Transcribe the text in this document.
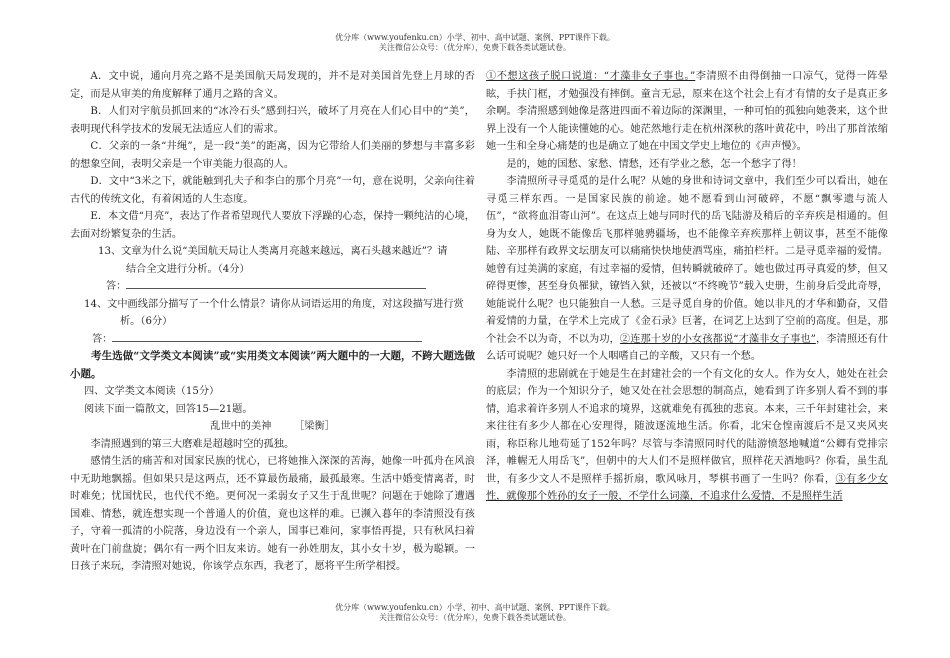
优分库（www.youfenku.cn）小学、初中、高中试题、案例、PPT课件下载。
关注微信公众号：（优分库），免费下载各类试题试卷。

A．文中说，通向月亮之路不是美国航天局发现的，并不是对美国首先登上月球的否定，而是从审美的角度解释了通月之路的含义。

B．人们对宇航员抓回来的“冰冷石头”感到扫兴，破坏了月亮在人们心目中的“美”，表明现代科学技术的发展无法适应人们的需求。

C．父亲的一条“井绳”，是一段“美”的距离，因为它带给人们美丽的梦想与丰富多彩的想象空间，表明父亲是一个审美能力很高的人。

D．文中“3米之下，就能触到孔夫子和李白的那个月亮”一句，意在说明，父亲向往着古代的传统文化，有着闲适的人生态度。

E．本文借“月亮”，表达了作者希望现代人要放下浮躁的心态，保持一颗纯洁的心境，去面对纷繁复杂的生活。

13、文章为什么说“美国航天局让人类离月亮越来越远，离石头越来越近”？请

结合全文进行分析。（4分）

答：

14、文中画线部分描写了一个什么情景？请你从词语运用的角度，对这段描写进行赏

析。（6分）

答：

考生选做“文学类文本阅读”或“实用类文本阅读”两大题中的一大题，不跨大题选做小题。

四、文学类文本阅读（15分）

阅读下面一篇散文，回答15—21题。

乱世中的美神 ［梁衡］

李清照遇到的第三大磨难是超越时空的孤独。

感情生活的痛苦和对国家民族的忧心，已将她推入深深的苦海，她像一叶孤舟在风浪中无助地飘摇。但如果只是这两点，还不算最伤最痛，最孤最寒。生活中婚变情离者，时时难免；忧国忧民，也代代不绝。更何况一柔弱女子又生于乱世呢？问题在于她除了遭遇国难、情愁，就连想实现一个普通人的价值，竟也这样的难。已濒入暮年的李清照没有孩子，守着一孤清的小院落，身边没有一个亲人，国事已难问，家事悟再提，只有秋风扫着黄叶在门前盘旋；偶尔有一两个旧友来访。她有一孙姓朋友，其小女十岁，极为聪颖。一日孩子来玩，李清照对她说，你该学点东西，我老了，愿将平生所学相授。

①不想这孩子脱口说道：“才藻非女子事也。”李清照不由得倒抽一口凉气，觉得一阵晕眩，手扶门框，才勉强没有摔倒。童言无忌，原来在这个社会上有才有情的女子是真正多余啊。李清照感到她像是落进四面不着边际的深渊里，一种可怕的孤独向她袭来，这个世界上没有一个人能读懂她的心。她茫然地行走在杭州深秋的落叶黄花中，吟出了那首浓缩她一生和全身心痛楚的也是确立了她在中国文学史上地位的《声声慢》。

是的，她的国愁、家愁、情愁，还有学业之愁，怎一个愁字了得！

李清照所寻寻觅觅的是什么呢？从她的身世和诗词文章中，我们至少可以看出，她在寻觅三样东西。一是国家民族的前途。她不愿看到山河破碎，不愿“飘零遗与流人伍”，“欲将血泪寄山河”。在这点上她与同时代的岳飞陆游及稍后的辛弃疾是相通的。但身为女人，她既不能像岳飞那样驰骋疆场，也不能像辛弃疾那样上朝议事，甚至不能像陆、辛那样有政界文坛朋友可以痛痛快快地使酒骂座，痛拍栏杆。二是寻觅幸福的爱情。她曾有过美满的家庭，有过幸福的爱情，但转瞬就破碎了。她也做过再寻真爱的梦，但又碎得更惨，甚至身负罹狱，镣铛入狱，还被以“不终晚节”载入史册，生前身后受此奇辱，她能说什么呢？也只能独自一人愁。三是寻觅自身的价值。她以非凡的才华和勤奋，又借着爱情的力量，在学术上完成了《金石录》巨著，在词艺上达到了空前的高度。但是，那个社会不以为奇，不以为功，②连那十岁的小女孩都说“才藻非女子事也”，李清照还有什么话可说呢？她只好一个人咽嗜自己的辛酸，又只有一个愁。

李清照的悲剧就在于她是生在封建社会的一个有文化的女人。作为女人，她处在社会的底层；作为一个知识分子，她又处在社会思想的制高点，她看到了许多别人看不到的事情，追求着许多别人不追求的境界，这就难免有孤独的悲哀。本来，三千年封建社会，来来往往有多少人都在心安理得，随波逐流地生活。你看，北宋仓惶南渡后不是又夹风夹雨，称臣称儿地苟延了152年吗？尽管与李清照同时代的陆游愤怒地喊道“公卿有党排宗泽，帷幄无人用岳飞”，但朝中的大人们不是照样做官，照样花天酒地吗？你看，虽生乱世，有多少文人不是照样手摇折扇，歌风咏月，琴棋书画了一生吗？你看，③有多少女性，就像那个姓孙的女子一般，不学什么词藻，不追求什么爱情，不是照样生活

优分库（www.youfenku.cn）小学、初中、高中试题、案例、PPT课件下载。
关注微信公众号：（优分库），免费下载各类试题试卷。
